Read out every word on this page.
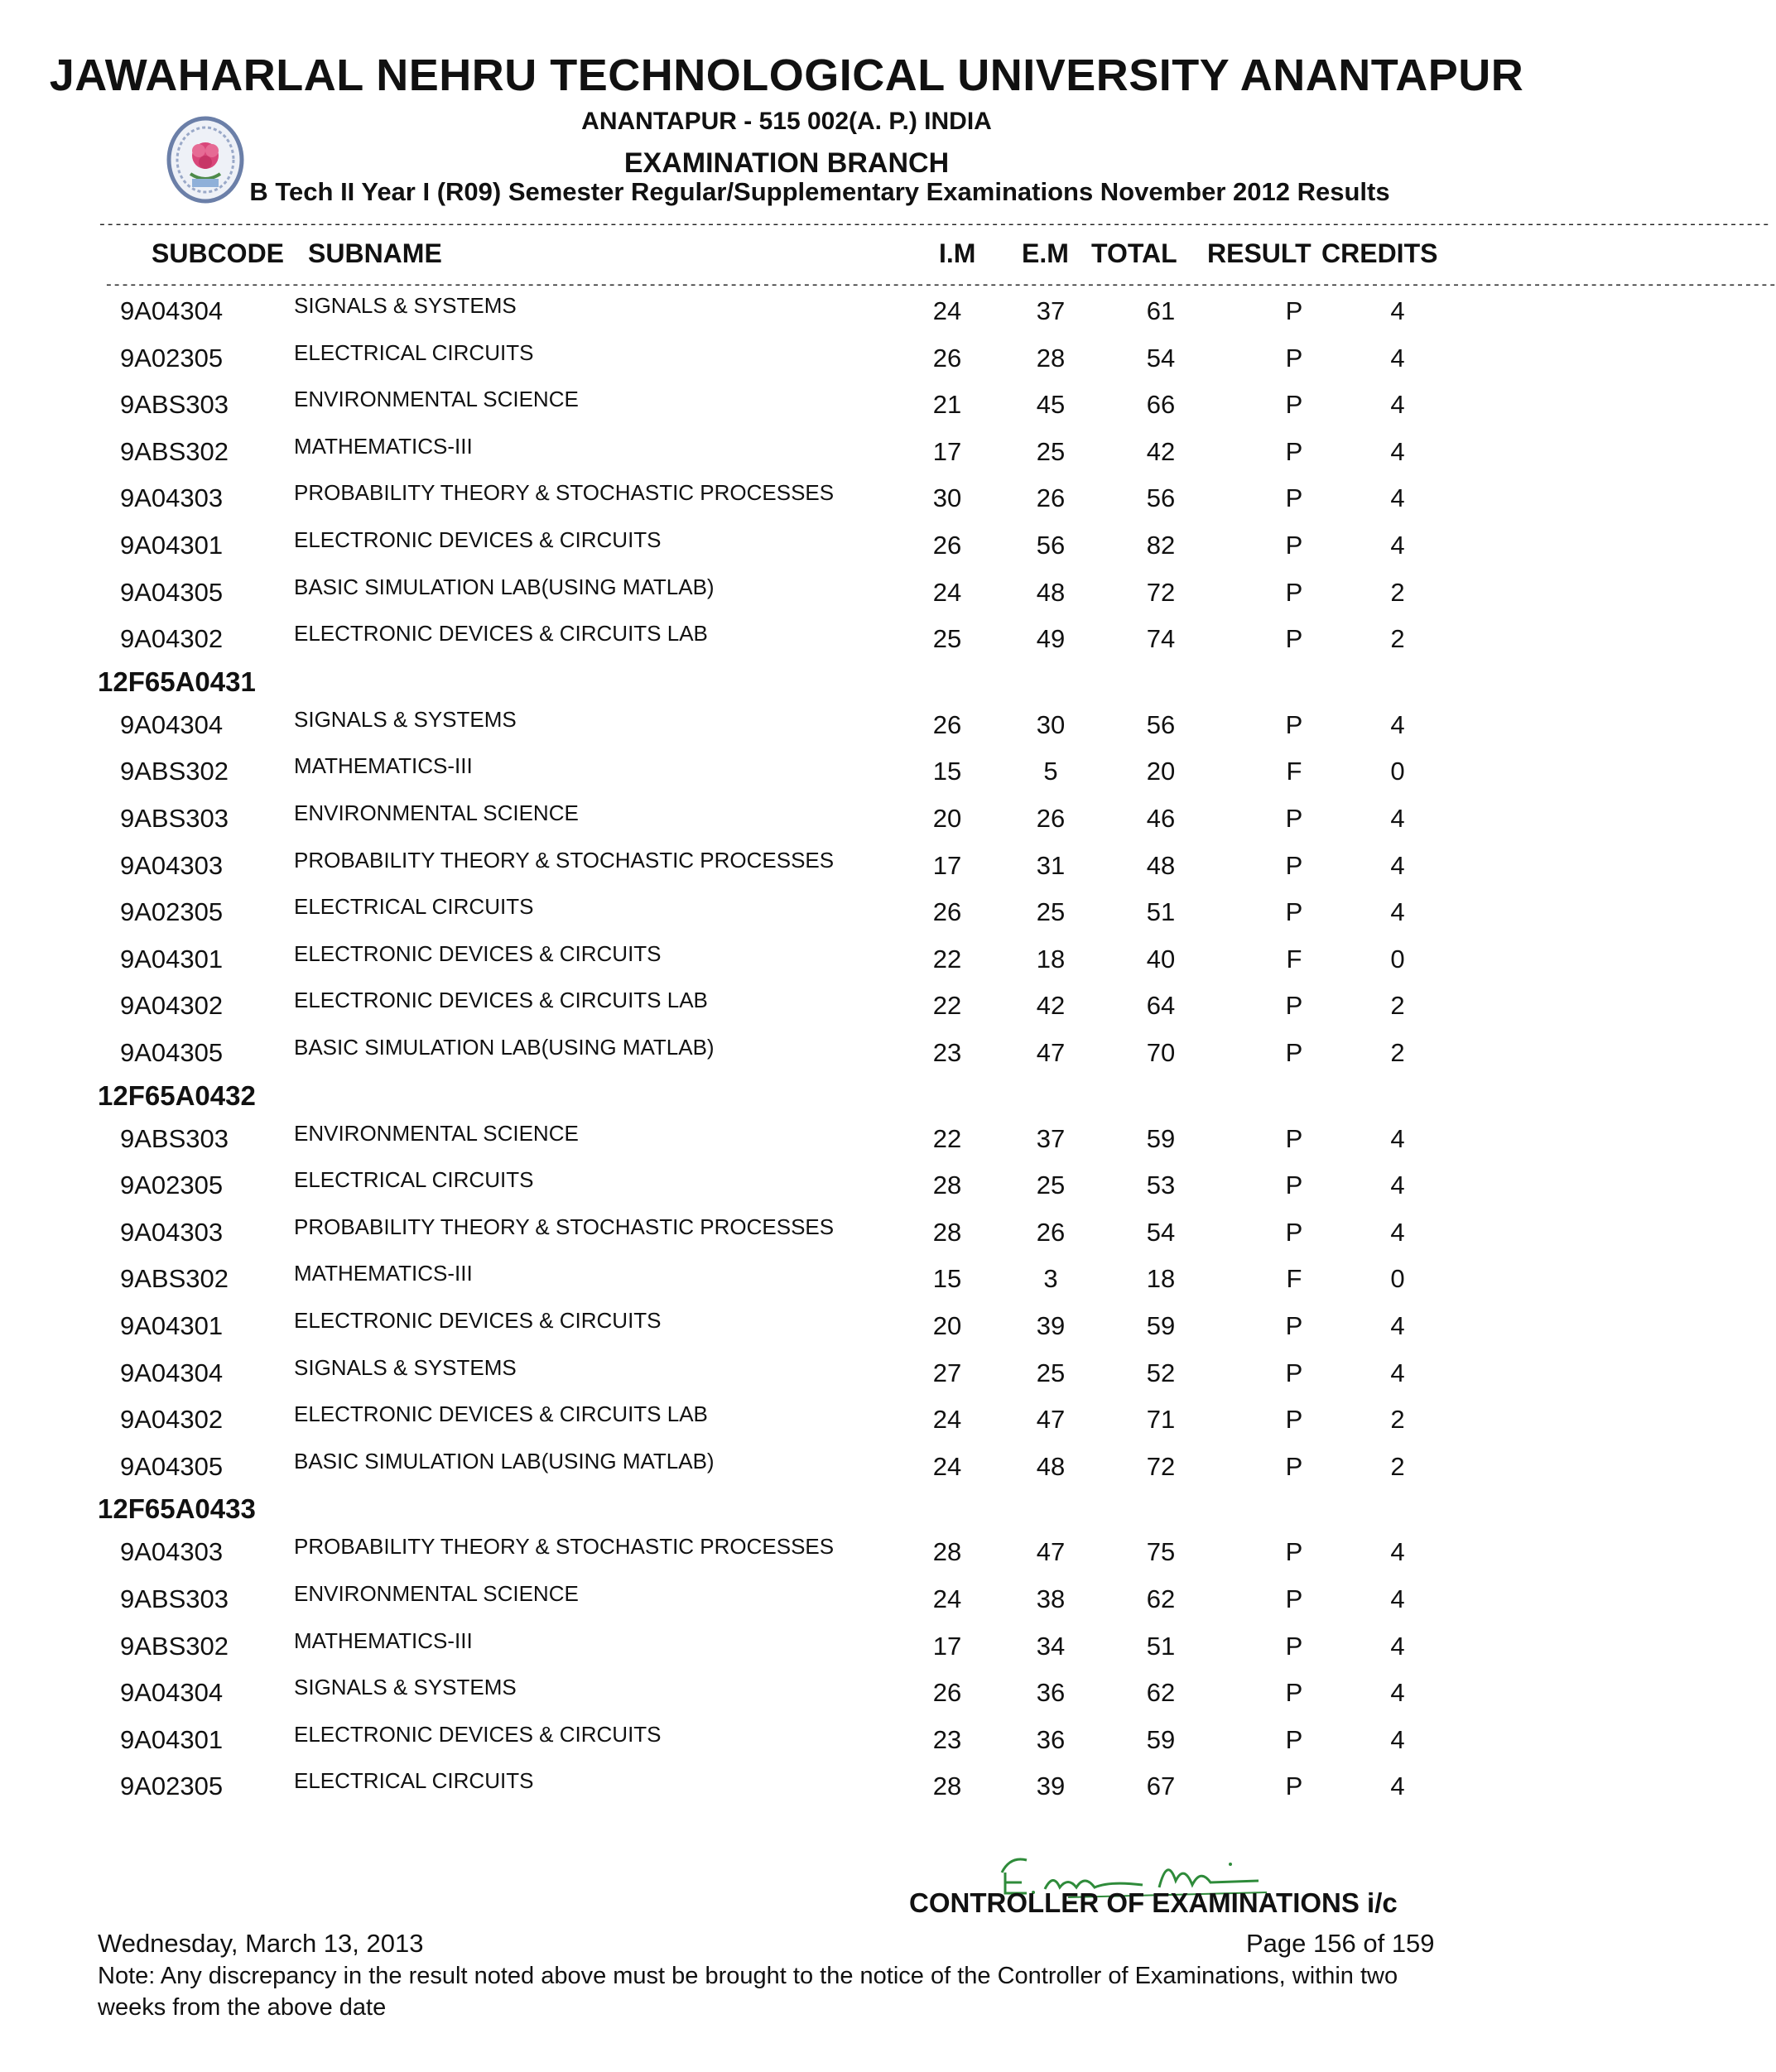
JAWAHARLAL NEHRU TECHNOLOGICAL UNIVERSITY ANANTAPUR
ANANTAPUR - 515 002(A. P.) INDIA
EXAMINATION BRANCH
B Tech II Year I (R09) Semester Regular/Supplementary Examinations November 2012 Results
--------------------------------------------------------------------------------------------------------------------------------------------------------------------------------------------------------------
SUBCODE SUBNAME	I.M E.M TOTAL RESULT CREDITS
--------------------------------------------------------------------------------------------------------------------------------------------------------------------------------------------------------------
9A04304	SIGNALS & SYSTEMS	24	37	61	P	4
9A02305	ELECTRICAL CIRCUITS	26	28	54	P	4
9ABS303	ENVIRONMENTAL SCIENCE	21	45	66	P	4
9ABS302	MATHEMATICS-III	17	25	42	P	4
9A04303	PROBABILITY THEORY & STOCHASTIC PROCESSES	30	26	56	P	4
9A04301	ELECTRONIC DEVICES & CIRCUITS	26	56	82	P	4
9A04305	BASIC SIMULATION LAB(USING MATLAB)	24	48	72	P	2
9A04302	ELECTRONIC DEVICES & CIRCUITS LAB	25	49	74	P	2
12F65A0431
9A04304	SIGNALS & SYSTEMS	26	30	56	P	4
9ABS302	MATHEMATICS-III	15	5	20	F	0
9ABS303	ENVIRONMENTAL SCIENCE	20	26	46	P	4
9A04303	PROBABILITY THEORY & STOCHASTIC PROCESSES	17	31	48	P	4
9A02305	ELECTRICAL CIRCUITS	26	25	51	P	4
9A04301	ELECTRONIC DEVICES & CIRCUITS	22	18	40	F	0
9A04302	ELECTRONIC DEVICES & CIRCUITS LAB	22	42	64	P	2
9A04305	BASIC SIMULATION LAB(USING MATLAB)	23	47	70	P	2
12F65A0432
9ABS303	ENVIRONMENTAL SCIENCE	22	37	59	P	4
9A02305	ELECTRICAL CIRCUITS	28	25	53	P	4
9A04303	PROBABILITY THEORY & STOCHASTIC PROCESSES	28	26	54	P	4
9ABS302	MATHEMATICS-III	15	3	18	F	0
9A04301	ELECTRONIC DEVICES & CIRCUITS	20	39	59	P	4
9A04304	SIGNALS & SYSTEMS	27	25	52	P	4
9A04302	ELECTRONIC DEVICES & CIRCUITS LAB	24	47	71	P	2
9A04305	BASIC SIMULATION LAB(USING MATLAB)	24	48	72	P	2
12F65A0433
9A04303	PROBABILITY THEORY & STOCHASTIC PROCESSES	28	47	75	P	4
9ABS303	ENVIRONMENTAL SCIENCE	24	38	62	P	4
9ABS302	MATHEMATICS-III	17	34	51	P	4
9A04304	SIGNALS & SYSTEMS	26	36	62	P	4
9A04301	ELECTRONIC DEVICES & CIRCUITS	23	36	59	P	4
9A02305	ELECTRICAL CIRCUITS	28	39	67	P	4
CONTROLLER OF EXAMINATIONS i/c
Wednesday, March 13, 2013	Page 156 of 159
Note: Any discrepancy in the result noted above must be brought to the notice of the Controller of Examinations, within two weeks from the above date
